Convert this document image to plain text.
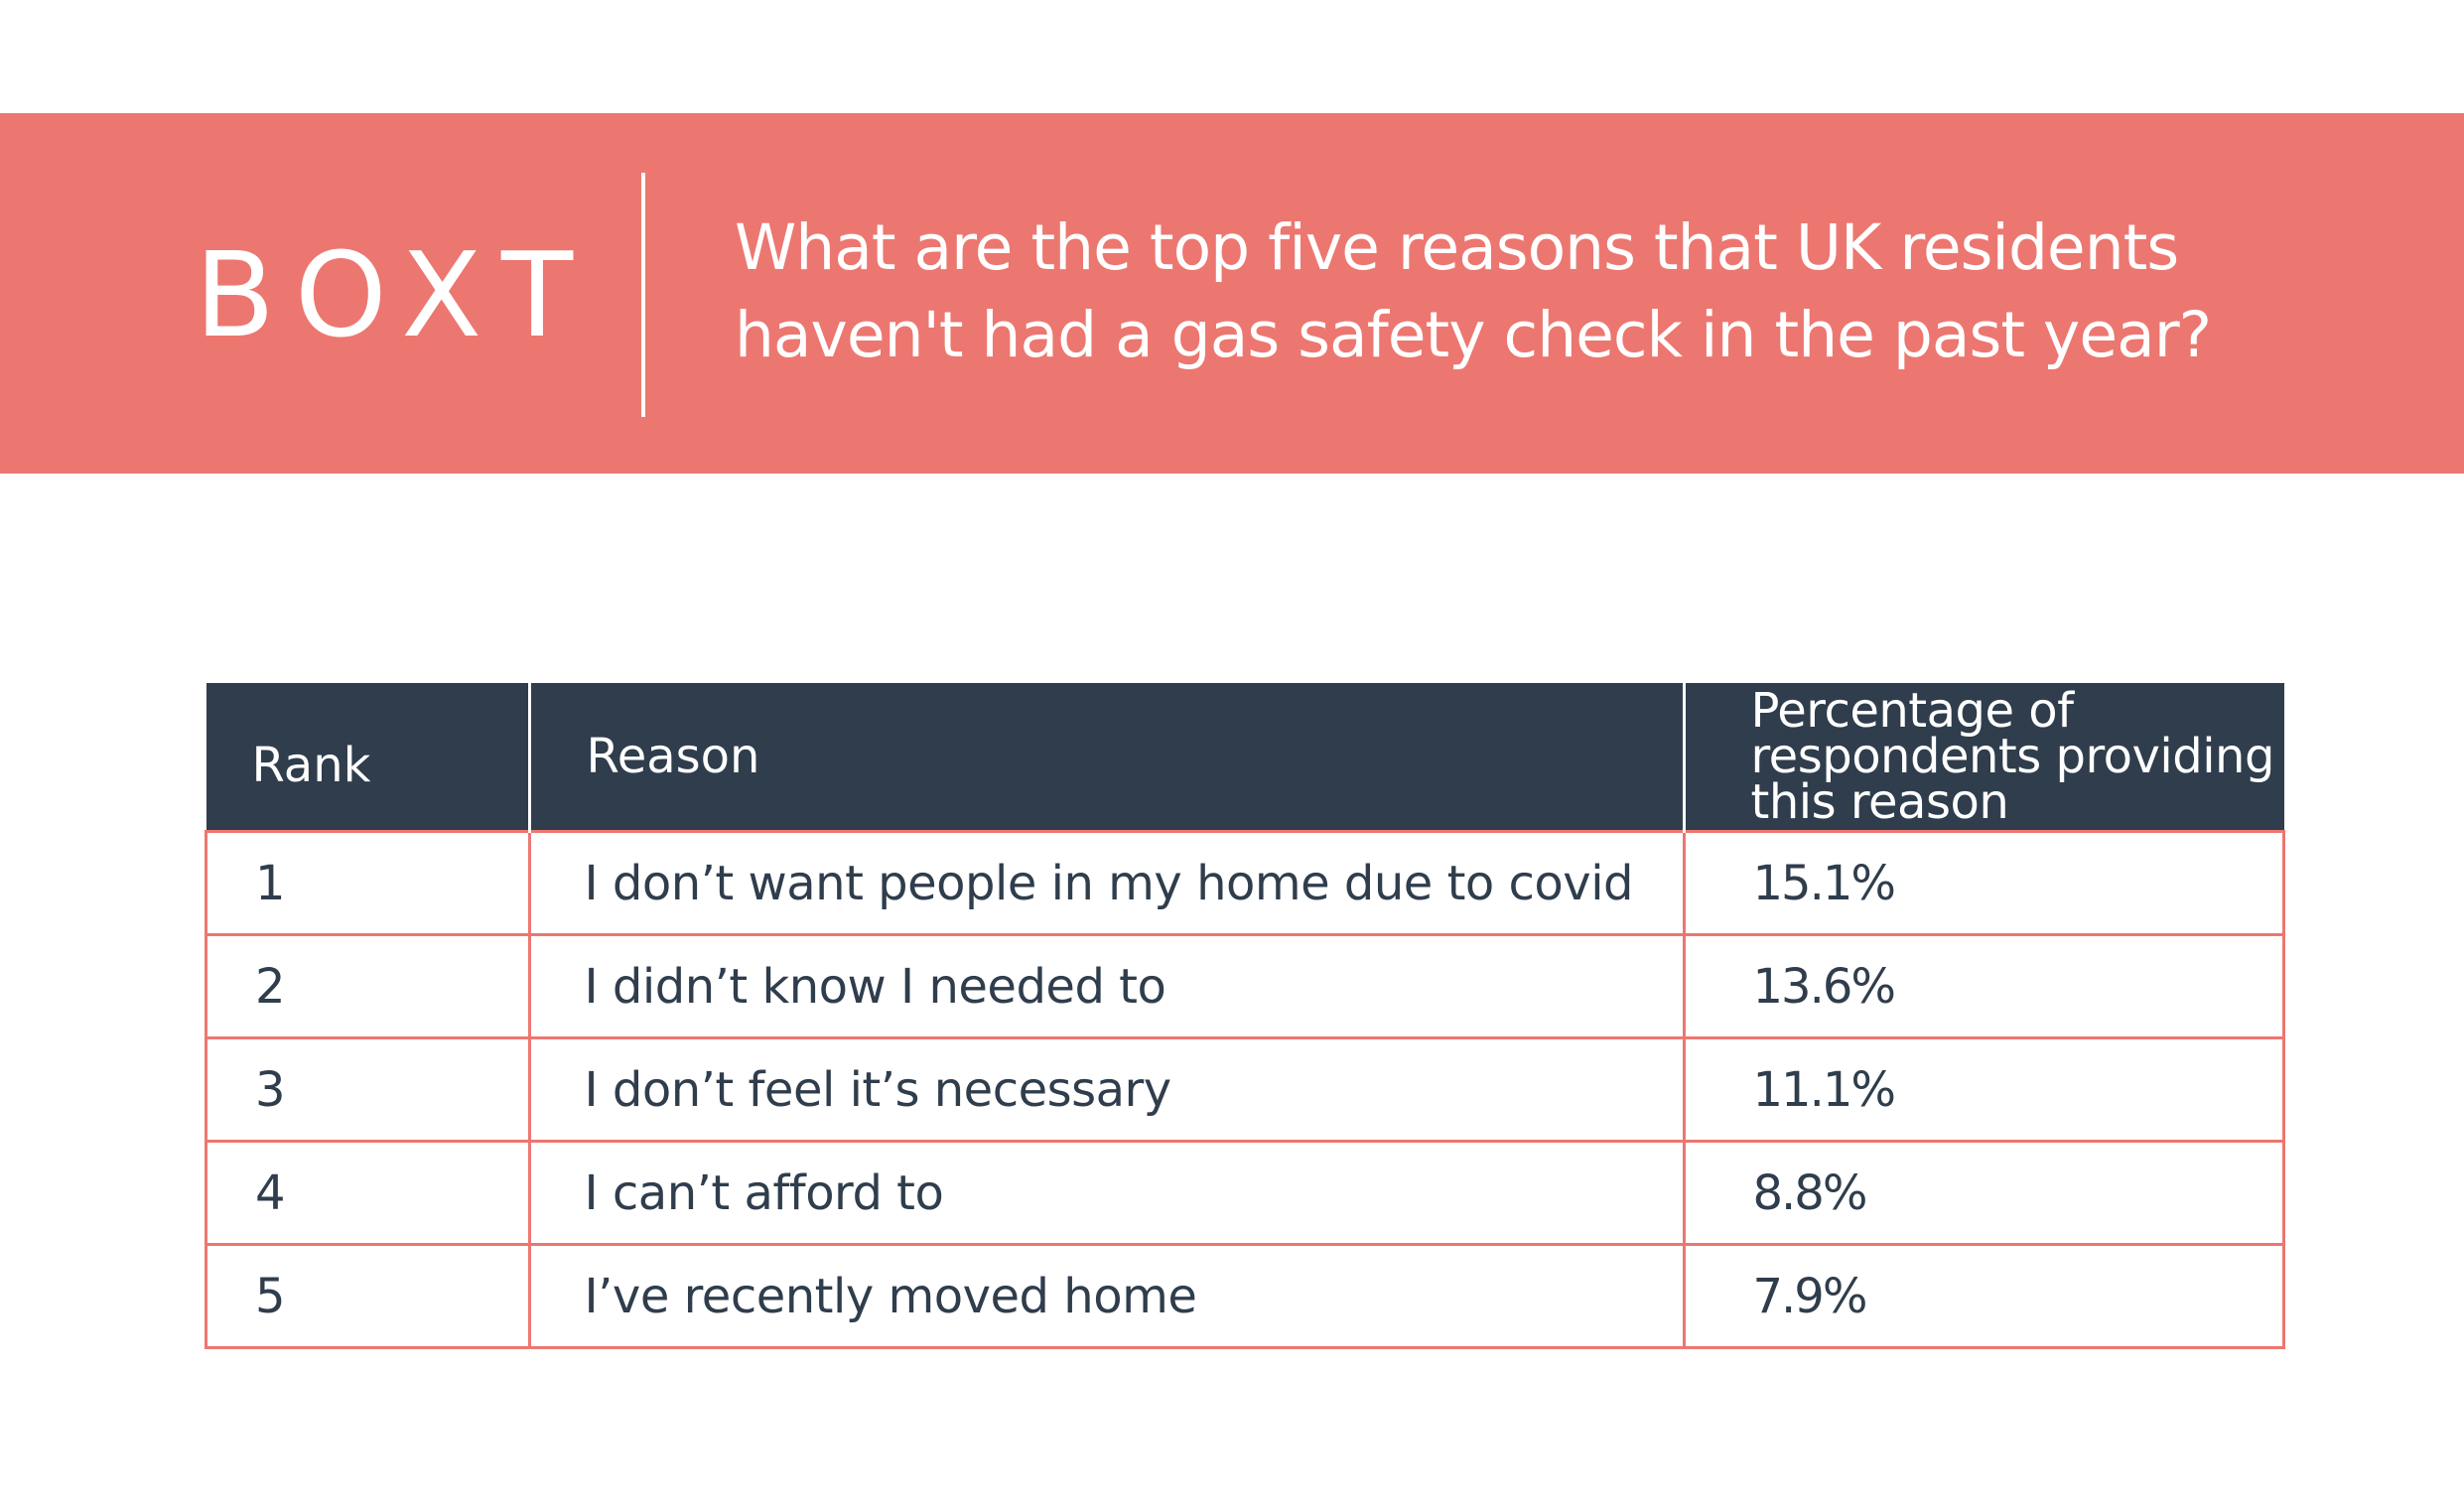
BOXT What are the top five reasons that UK residents
haven't had a gas safety check in the past year?
Rank	Reason	Percentage of respondents providing this reason
1	I don’t want people in my home due to covid	15.1%
2	I didn’t know I needed to	13.6%
3	I don’t feel it’s necessary	11.1%
4	I can’t afford to	8.8%
5	I’ve recently moved home	7.9%
